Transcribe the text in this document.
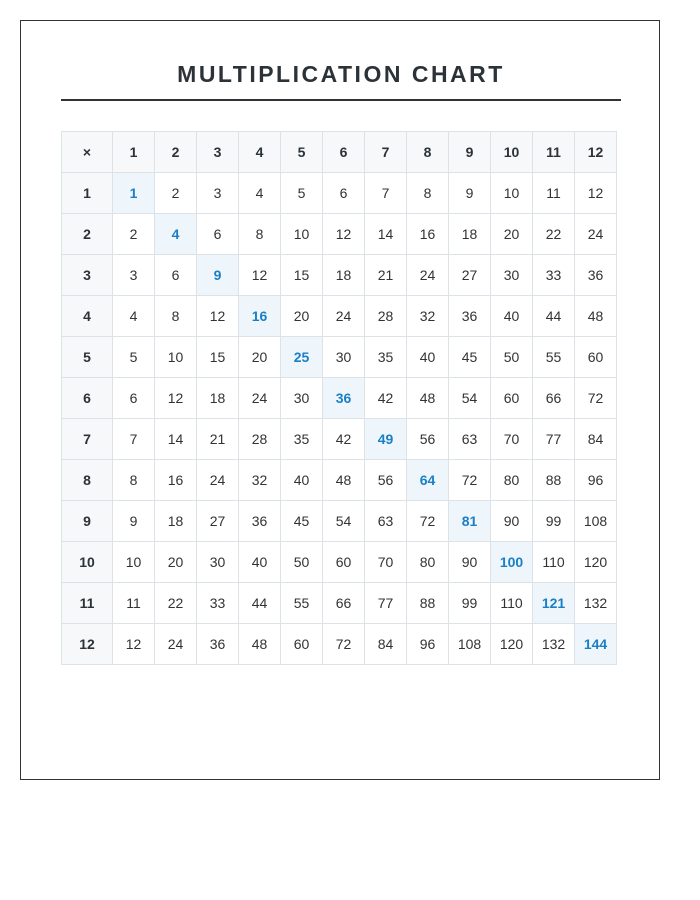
MULTIPLICATION CHART
×	1	2	3	4	5	6	7	8	9	10	11	12
1	1	2	3	4	5	6	7	8	9	10	11	12
2	2	4	6	8	10	12	14	16	18	20	22	24
3	3	6	9	12	15	18	21	24	27	30	33	36
4	4	8	12	16	20	24	28	32	36	40	44	48
5	5	10	15	20	25	30	35	40	45	50	55	60
6	6	12	18	24	30	36	42	48	54	60	66	72
7	7	14	21	28	35	42	49	56	63	70	77	84
8	8	16	24	32	40	48	56	64	72	80	88	96
9	9	18	27	36	45	54	63	72	81	90	99	108
10	10	20	30	40	50	60	70	80	90	100	110	120
11	11	22	33	44	55	66	77	88	99	110	121	132
12	12	24	36	48	60	72	84	96	108	120	132	144
